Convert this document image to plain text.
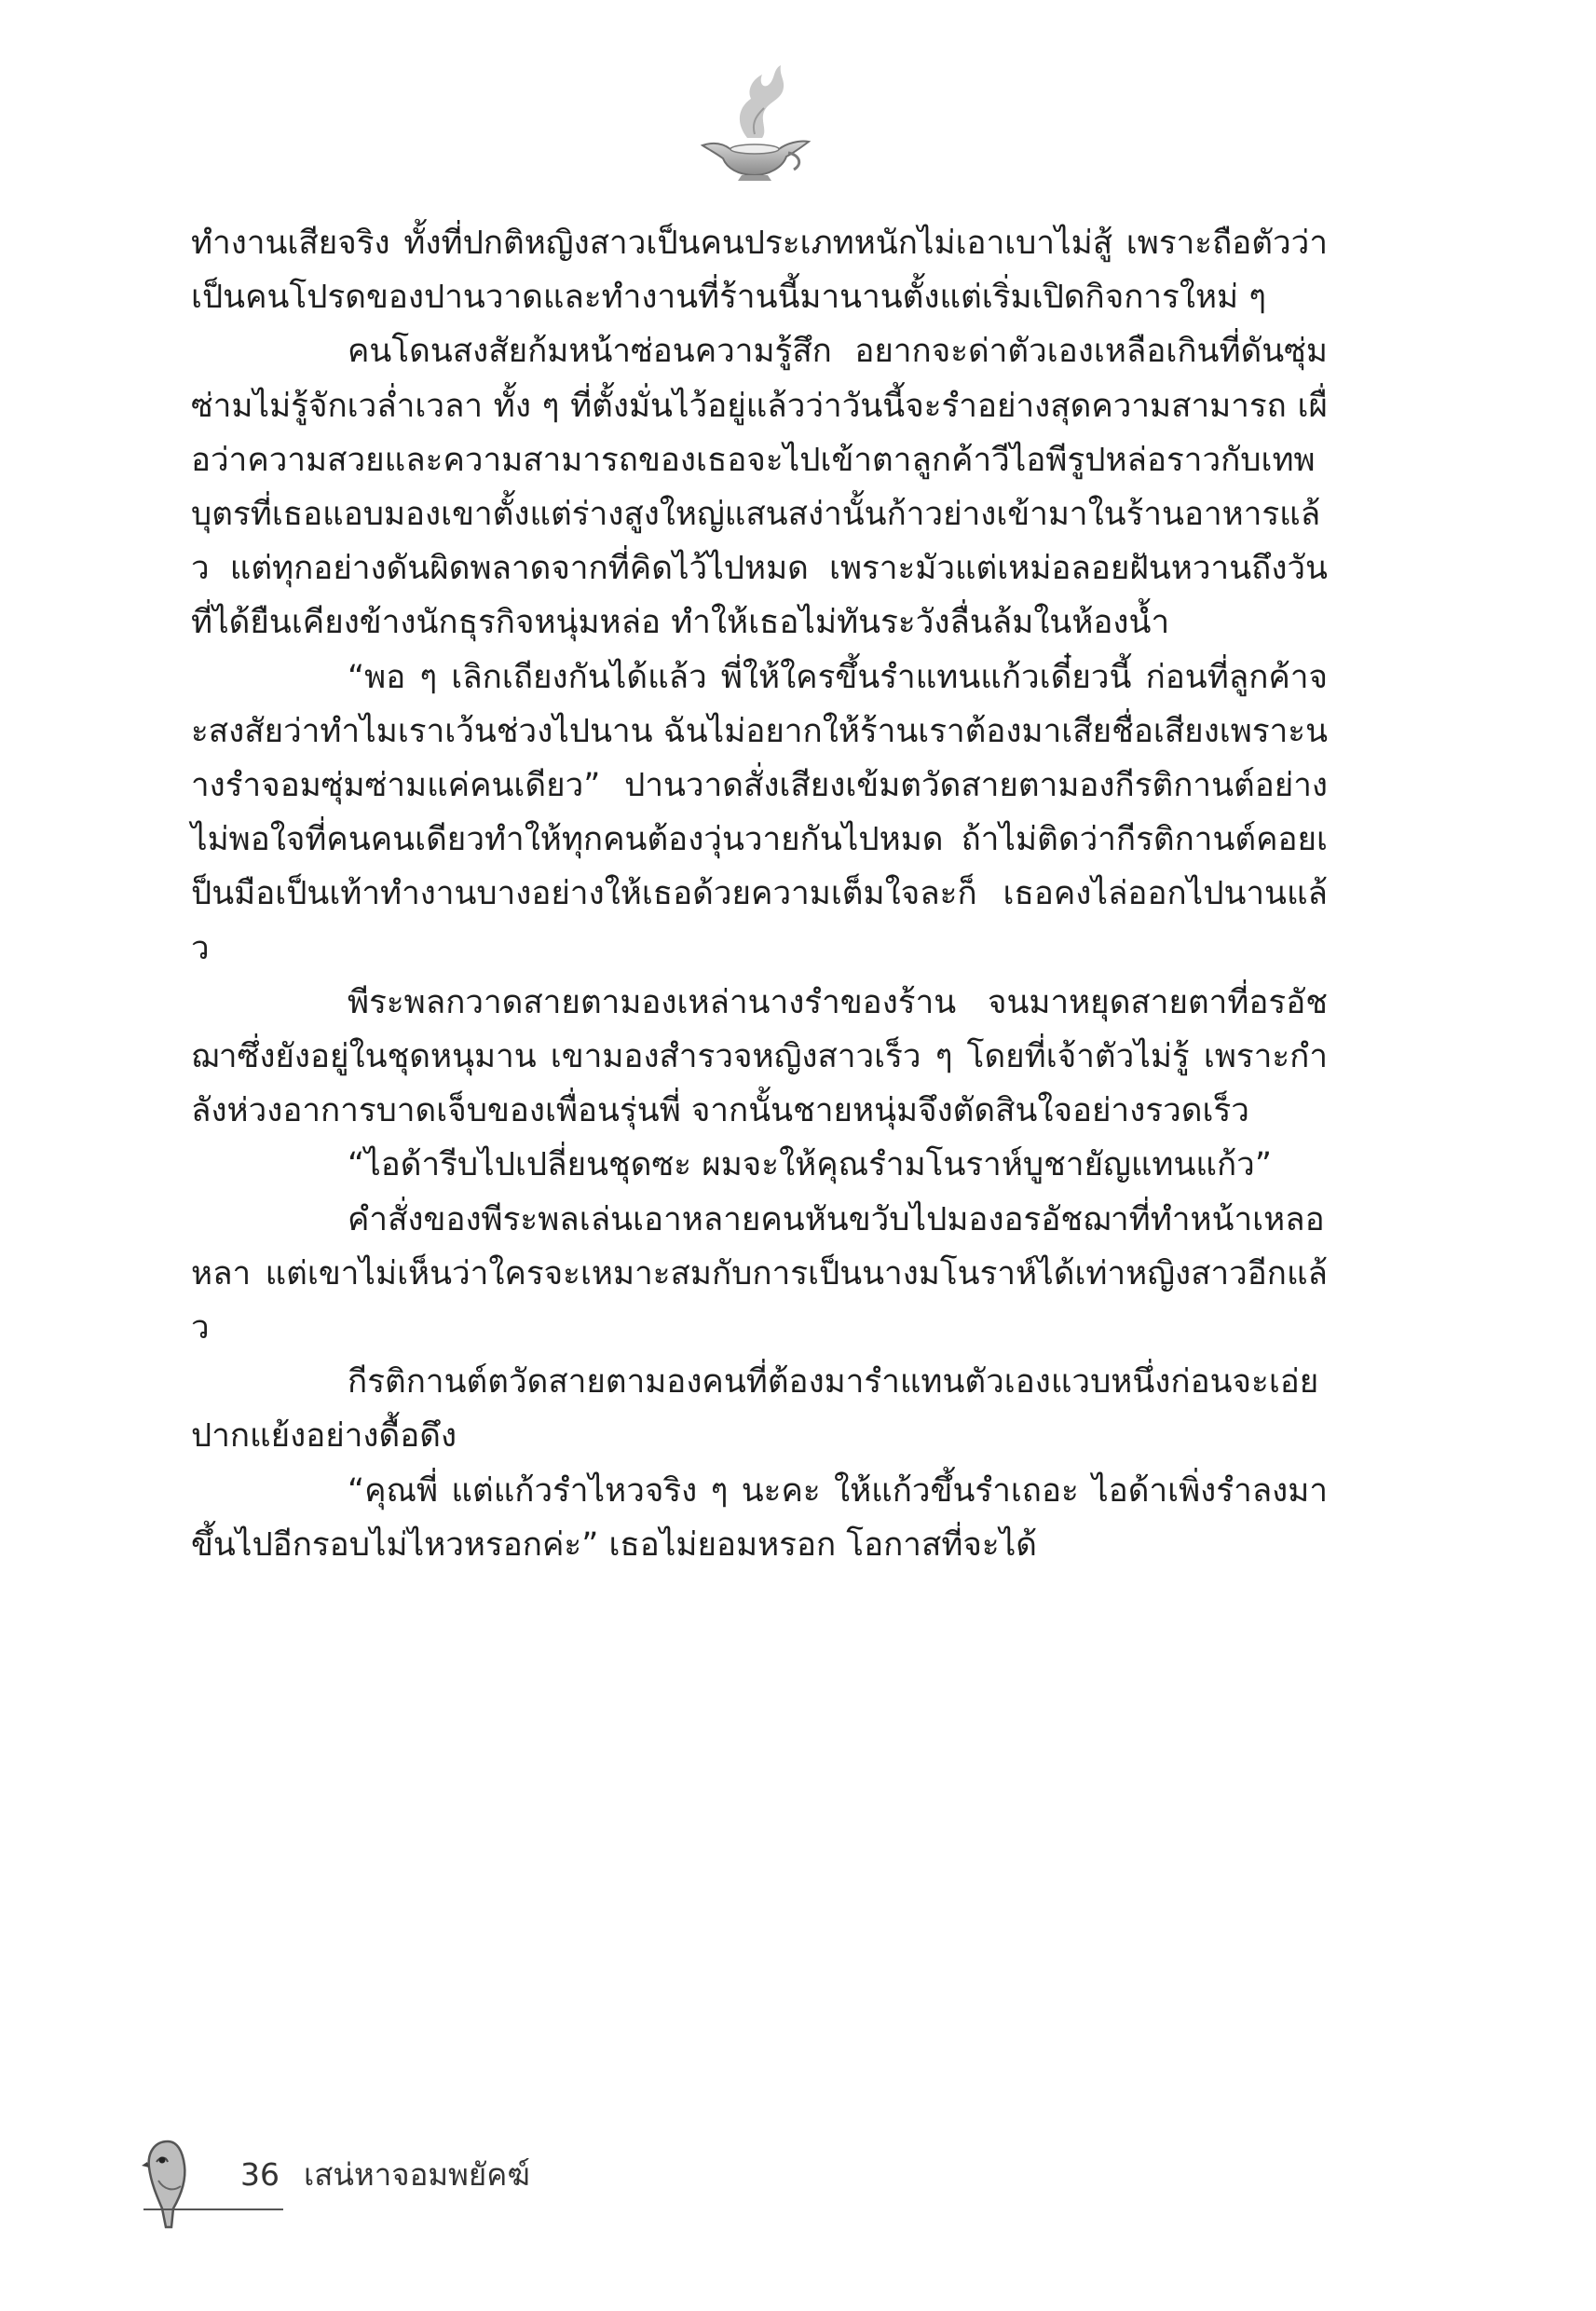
ทำงานเสียจริง ทั้งที่ปกติหญิงสาวเป็นคนประเภทหนักไม่เอาเบาไม่สู้ เพราะถือตัวว่าเป็นคนโปรดของปานวาดและทำงานที่ร้านนี้มานานตั้งแต่เริ่มเปิดกิจการใหม่ ๆ

คนโดนสงสัยก้มหน้าซ่อนความรู้สึก อยากจะด่าตัวเองเหลือเกินที่ดันซุ่มซ่ามไม่รู้จักเวล่ำเวลา ทั้ง ๆ ที่ตั้งมั่นไว้อยู่แล้วว่าวันนี้จะรำอย่างสุดความสามารถ เผื่อว่าความสวยและความสามารถของเธอจะไปเข้าตาลูกค้าวีไอพีรูปหล่อราวกับเทพบุตรที่เธอแอบมองเขาตั้งแต่ร่างสูงใหญ่แสนสง่านั้นก้าวย่างเข้ามาในร้านอาหารแล้ว แต่ทุกอย่างดันผิดพลาดจากที่คิดไว้ไปหมด เพราะมัวแต่เหม่อลอยฝันหวานถึงวันที่ได้ยืนเคียงข้างนักธุรกิจหนุ่มหล่อ ทำให้เธอไม่ทันระวังลื่นล้มในห้องน้ำ

“พอ ๆ เลิกเถียงกันได้แล้ว พี่ให้ใครขึ้นรำแทนแก้วเดี๋ยวนี้ ก่อนที่ลูกค้าจะสงสัยว่าทำไมเราเว้นช่วงไปนาน ฉันไม่อยากให้ร้านเราต้องมาเสียชื่อเสียงเพราะนางรำจอมซุ่มซ่ามแค่คนเดียว” ปานวาดสั่งเสียงเข้มตวัดสายตามองกีรติกานต์อย่างไม่พอใจที่คนคนเดียวทำให้ทุกคนต้องวุ่นวายกันไปหมด ถ้าไม่ติดว่ากีรติกานต์คอยเป็นมือเป็นเท้าทำงานบางอย่างให้เธอด้วยความเต็มใจละก็ เธอคงไล่ออกไปนานแล้ว

พีระพลกวาดสายตามองเหล่านางรำของร้าน จนมาหยุดสายตาที่อรอัชฌาซึ่งยังอยู่ในชุดหนุมาน เขามองสำรวจหญิงสาวเร็ว ๆ โดยที่เจ้าตัวไม่รู้ เพราะกำลังห่วงอาการบาดเจ็บของเพื่อนรุ่นพี่ จากนั้นชายหนุ่มจึงตัดสินใจอย่างรวดเร็ว

“ไอด้ารีบไปเปลี่ยนชุดซะ ผมจะให้คุณรำมโนราห์บูชายัญแทนแก้ว”

คำสั่งของพีระพลเล่นเอาหลายคนหันขวับไปมองอรอัชฌาที่ทำหน้าเหลอหลา แต่เขาไม่เห็นว่าใครจะเหมาะสมกับการเป็นนางมโนราห์ได้เท่าหญิงสาวอีกแล้ว

กีรติกานต์ตวัดสายตามองคนที่ต้องมารำแทนตัวเองแวบหนึ่งก่อนจะเอ่ยปากแย้งอย่างดื้อดึง

“คุณพี่ แต่แก้วรำไหวจริง ๆ นะคะ ให้แก้วขึ้นรำเถอะ ไอด้าเพิ่งรำลงมา ขึ้นไปอีกรอบไม่ไหวหรอกค่ะ” เธอไม่ยอมหรอก โอกาสที่จะได้

36 เสน่หาจอมพยัคฆ์
